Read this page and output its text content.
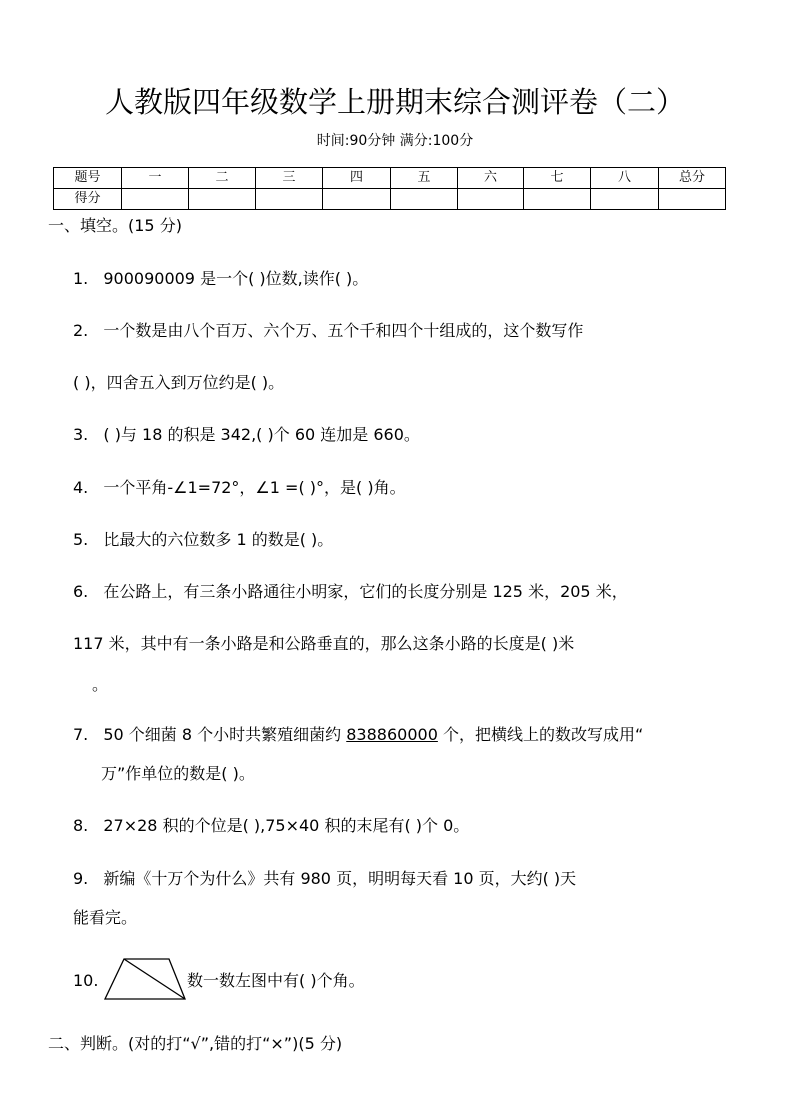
人教版四年级数学上册期末综合测评卷（二）
时间:90分钟 满分:100分
题号	一	二	三	四	五	六	七	八	总分
得分									
一、填空。(15 分)
1. 900090009 是一个( )位数,读作( )。
2. 一个数是由八个百万、六个万、五个千和四个十组成的，这个数写作
( )，四舍五入到万位约是( )。
3. ( )与 18 的积是 342,( )个 60 连加是 660。
4. 一个平角-∠1=72°，∠1 =( )°，是( )角。
5. 比最大的六位数多 1 的数是( )。
6. 在公路上，有三条小路通往小明家，它们的长度分别是 125 米，205 米，
117 米，其中有一条小路是和公路垂直的，那么这条小路的长度是( )米
。
7. 50 个细菌 8 个小时共繁殖细菌约 838860000 个，把横线上的数改写成用“
万”作单位的数是( )。
8. 27×28 积的个位是( ),75×40 积的末尾有( )个 0。
9. 新编《十万个为什么》共有 980 页，明明每天看 10 页，大约( )天
能看完。
10.	数一数左图中有( )个角。
二、判断。(对的打“√”,错的打“×”)(5 分)
